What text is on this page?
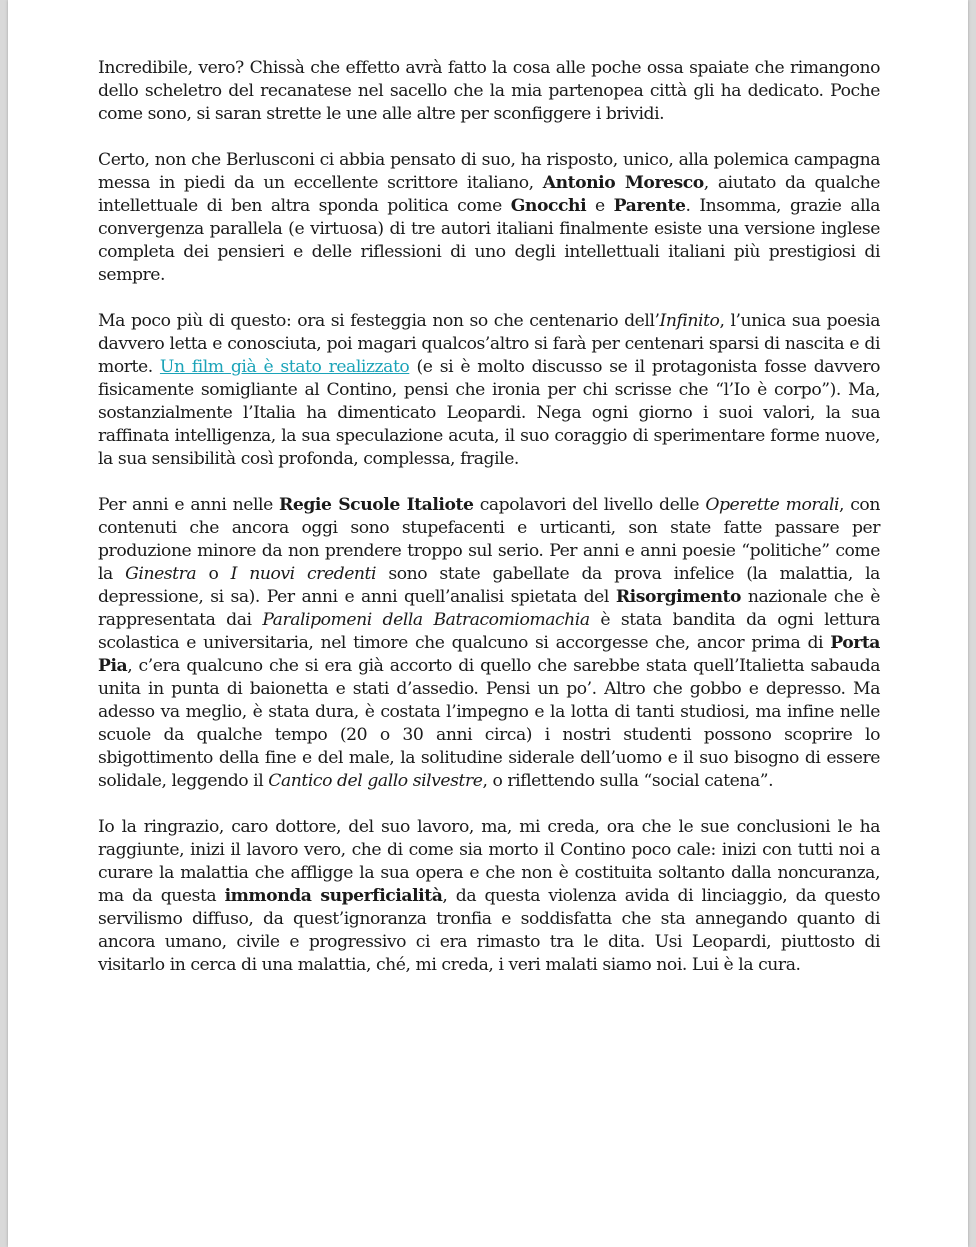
Incredibile, vero? Chissà che effetto avrà fatto la cosa alle poche ossa spaiate che rimangono dello scheletro del recanatese nel sacello che la mia partenopea città gli ha dedicato. Poche come sono, si saran strette le une alle altre per sconfiggere i brividi.

Certo, non che Berlusconi ci abbia pensato di suo, ha risposto, unico, alla polemica campagna messa in piedi da un eccellente scrittore italiano, Antonio Moresco, aiutato da qualche intellettuale di ben altra sponda politica come Gnocchi e Parente. Insomma, grazie alla convergenza parallela (e virtuosa) di tre autori italiani finalmente esiste una versione inglese completa dei pensieri e delle riflessioni di uno degli intellettuali italiani più prestigiosi di sempre.

Ma poco più di questo: ora si festeggia non so che centenario dell’Infinito, l’unica sua poesia davvero letta e conosciuta, poi magari qualcos’altro si farà per centenari sparsi di nascita e di morte. Un film già è stato realizzato (e si è molto discusso se il protagonista fosse davvero fisicamente somigliante al Contino, pensi che ironia per chi scrisse che “l’Io è corpo”). Ma, sostanzialmente l’Italia ha dimenticato Leopardi. Nega ogni giorno i suoi valori, la sua raffinata intelligenza, la sua speculazione acuta, il suo coraggio di sperimentare forme nuove, la sua sensibilità così profonda, complessa, fragile.

Per anni e anni nelle Regie Scuole Italiote capolavori del livello delle Operette morali, con contenuti che ancora oggi sono stupefacenti e urticanti, son state fatte passare per produzione minore da non prendere troppo sul serio. Per anni e anni poesie “politiche” come la Ginestra o I nuovi credenti sono state gabellate da prova infelice (la malattia, la depressione, si sa). Per anni e anni quell’analisi spietata del Risorgimento nazionale che è rappresentata dai Paralipomeni della Batracomiomachia è stata bandita da ogni lettura scolastica e universitaria, nel timore che qualcuno si accorgesse che, ancor prima di Porta Pia, c’era qualcuno che si era già accorto di quello che sarebbe stata quell’Italietta sabauda unita in punta di baionetta e stati d’assedio. Pensi un po’. Altro che gobbo e depresso. Ma adesso va meglio, è stata dura, è costata l’impegno e la lotta di tanti studiosi, ma infine nelle scuole da qualche tempo (20 o 30 anni circa) i nostri studenti possono scoprire lo sbigottimento della fine e del male, la solitudine siderale dell’uomo e il suo bisogno di essere solidale, leggendo il Cantico del gallo silvestre, o riflettendo sulla “social catena”.

Io la ringrazio, caro dottore, del suo lavoro, ma, mi creda, ora che le sue conclusioni le ha raggiunte, inizi il lavoro vero, che di come sia morto il Contino poco cale: inizi con tutti noi a curare la malattia che affligge la sua opera e che non è costituita soltanto dalla noncuranza, ma da questa immonda superficialità, da questa violenza avida di linciaggio, da questo servilismo diffuso, da quest’ignoranza tronfia e soddisfatta che sta annegando quanto di ancora umano, civile e progressivo ci era rimasto tra le dita. Usi Leopardi, piuttosto di visitarlo in cerca di una malattia, ché, mi creda, i veri malati siamo noi. Lui è la cura.
